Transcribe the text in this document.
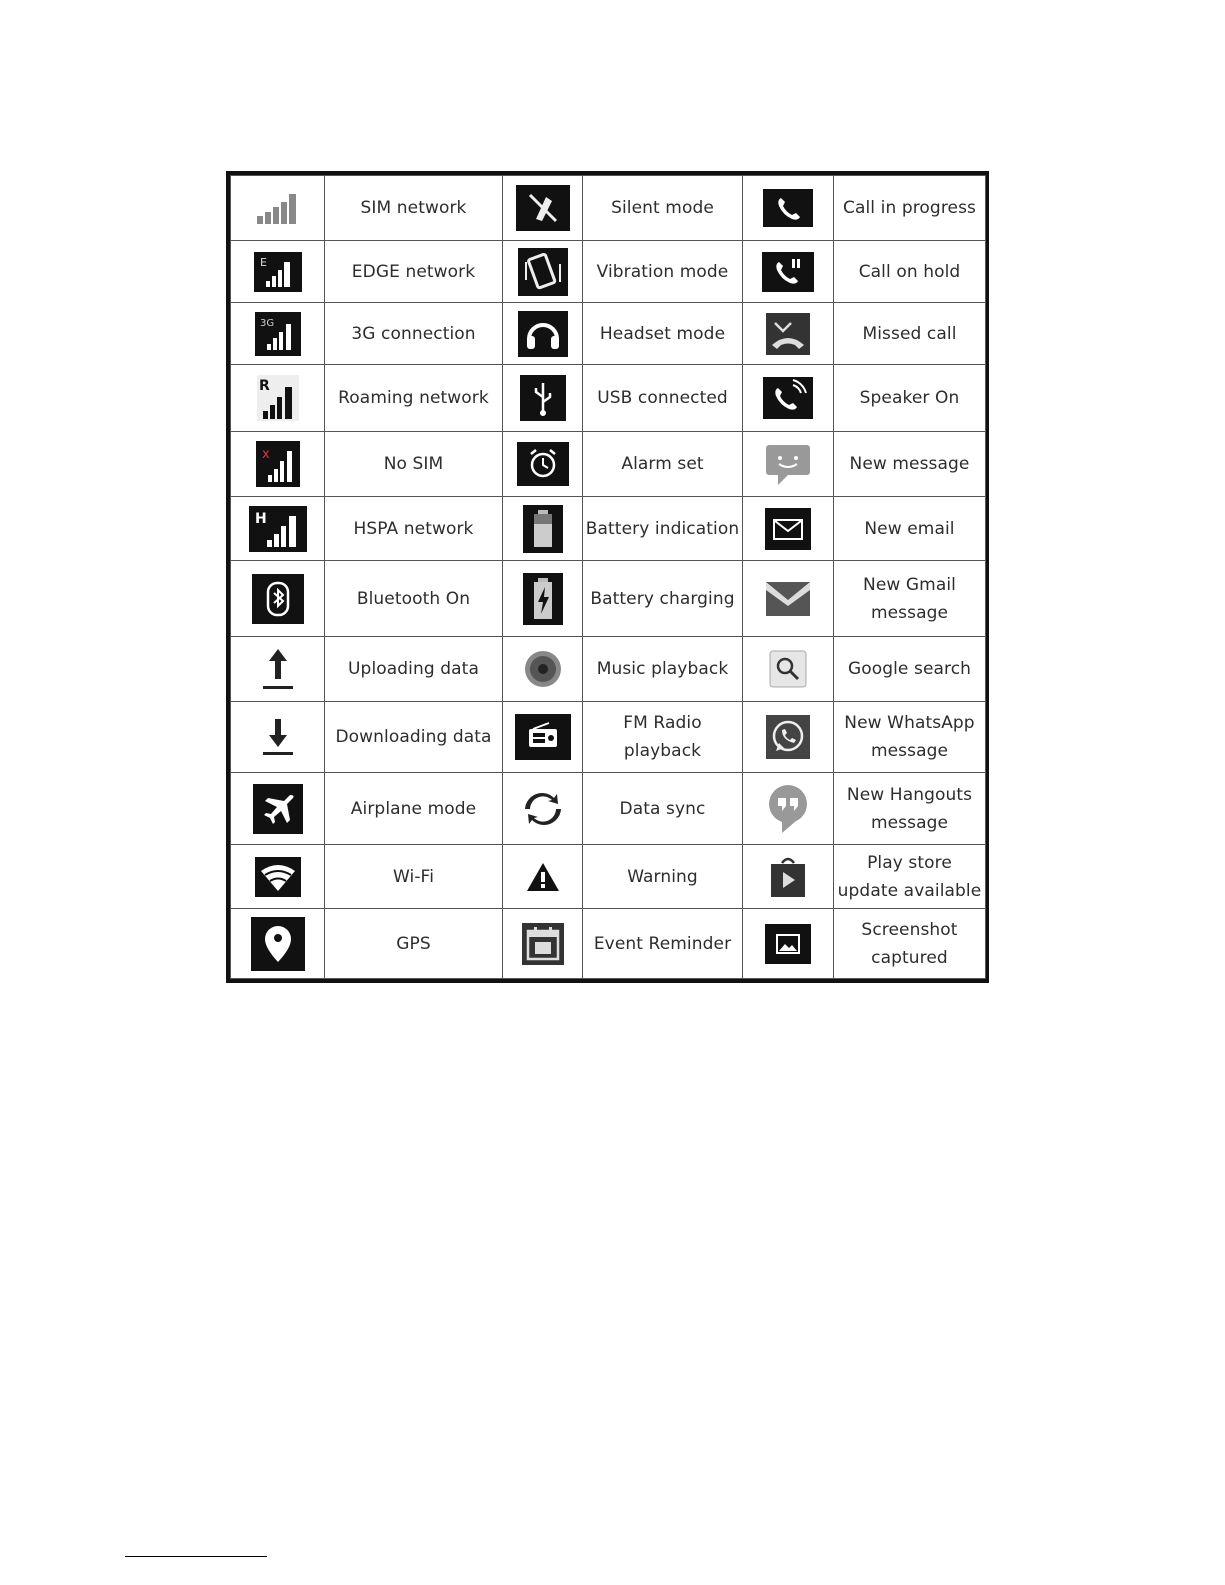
	SIM network		Silent mode		Call in progress

E	EDGE network		Vibration mode		Call on hold

3G	3G connection		Headset mode		Missed call

R	Roaming network		USB connected		Speaker On

x	No SIM		Alarm set		New message

H	HSPA network		Battery indication		New email

	Bluetooth On		Battery charging		New Gmail message

	Uploading data		Music playback		Google search

	Downloading data		FM Radio playback		New WhatsApp message

	Airplane mode		Data sync		New Hangouts message

	Wi-Fi		Warning		Play store update available

	GPS		Event Reminder		Screenshot captured
